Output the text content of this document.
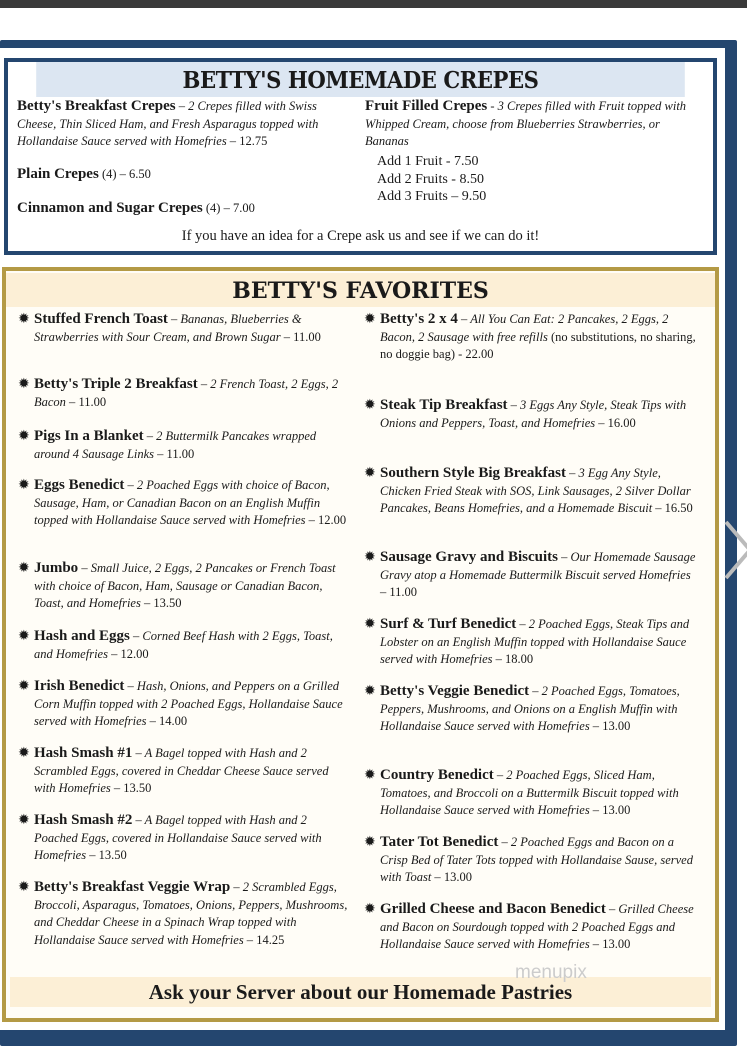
BETTY'S HOMEMADE CREPES
Betty's Breakfast Crepes – 2 Crepes filled with Swiss Cheese, Thin Sliced Ham, and Fresh Asparagus topped with Hollandaise Sauce served with Homefries – 12.75
Plain Crepes (4) – 6.50
Cinnamon and Sugar Crepes (4) – 7.00
Fruit Filled Crepes - 3 Crepes filled with Fruit topped with Whipped Cream, choose from Blueberries Strawberries, or Bananas
Add 1 Fruit - 7.50
Add 2 Fruits - 8.50
Add 3 Fruits – 9.50
If you have an idea for a Crepe ask us and see if we can do it!
BETTY'S FAVORITES
✹ Stuffed French Toast – Bananas, Blueberries & Strawberries with Sour Cream, and Brown Sugar – 11.00
✹ Betty's Triple 2 Breakfast – 2 French Toast, 2 Eggs, 2 Bacon – 11.00
✹ Pigs In a Blanket – 2 Buttermilk Pancakes wrapped around 4 Sausage Links – 11.00
✹ Eggs Benedict – 2 Poached Eggs with choice of Bacon, Sausage, Ham, or Canadian Bacon on an English Muffin topped with Hollandaise Sauce served with Homefries – 12.00
✹ Jumbo – Small Juice, 2 Eggs, 2 Pancakes or French Toast with choice of Bacon, Ham, Sausage or Canadian Bacon, Toast, and Homefries – 13.50
✹ Hash and Eggs – Corned Beef Hash with 2 Eggs, Toast, and Homefries – 12.00
✹ Irish Benedict – Hash, Onions, and Peppers on a Grilled Corn Muffin topped with 2 Poached Eggs, Hollandaise Sauce served with Homefries – 14.00
✹ Hash Smash #1 – A Bagel topped with Hash and 2 Scrambled Eggs, covered in Cheddar Cheese Sauce served with Homefries – 13.50
✹ Hash Smash #2 – A Bagel topped with Hash and 2 Poached Eggs, covered in Hollandaise Sauce served with Homefries – 13.50
✹ Betty's Breakfast Veggie Wrap – 2 Scrambled Eggs, Broccoli, Asparagus, Tomatoes, Onions, Peppers, Mushrooms, and Cheddar Cheese in a Spinach Wrap topped with Hollandaise Sauce served with Homefries – 14.25
✹ Betty's 2 x 4 – All You Can Eat: 2 Pancakes, 2 Eggs, 2 Bacon, 2 Sausage with free refills (no substitutions, no sharing, no doggie bag) - 22.00
✹ Steak Tip Breakfast – 3 Eggs Any Style, Steak Tips with Onions and Peppers, Toast, and Homefries – 16.00
✹ Southern Style Big Breakfast – 3 Egg Any Style, Chicken Fried Steak with SOS, Link Sausages, 2 Silver Dollar Pancakes, Beans Homefries, and a Homemade Biscuit – 16.50
✹ Sausage Gravy and Biscuits – Our Homemade Sausage Gravy atop a Homemade Buttermilk Biscuit served Homefries – 11.00
✹ Surf & Turf Benedict – 2 Poached Eggs, Steak Tips and Lobster on an English Muffin topped with Hollandaise Sauce served with Homefries – 18.00
✹ Betty's Veggie Benedict – 2 Poached Eggs, Tomatoes, Peppers, Mushrooms, and Onions on a English Muffin with Hollandaise Sauce served with Homefries – 13.00
✹ Country Benedict – 2 Poached Eggs, Sliced Ham, Tomatoes, and Broccoli on a Buttermilk Biscuit topped with Hollandaise Sauce served with Homefries – 13.00
✹ Tater Tot Benedict – 2 Poached Eggs and Bacon on a Crisp Bed of Tater Tots topped with Hollandaise Sause, served with Toast – 13.00
✹ Grilled Cheese and Bacon Benedict – Grilled Cheese and Bacon on Sourdough topped with 2 Poached Eggs and Hollandaise Sauce served with Homefries – 13.00
Ask your Server about our Homemade Pastries
menupix
